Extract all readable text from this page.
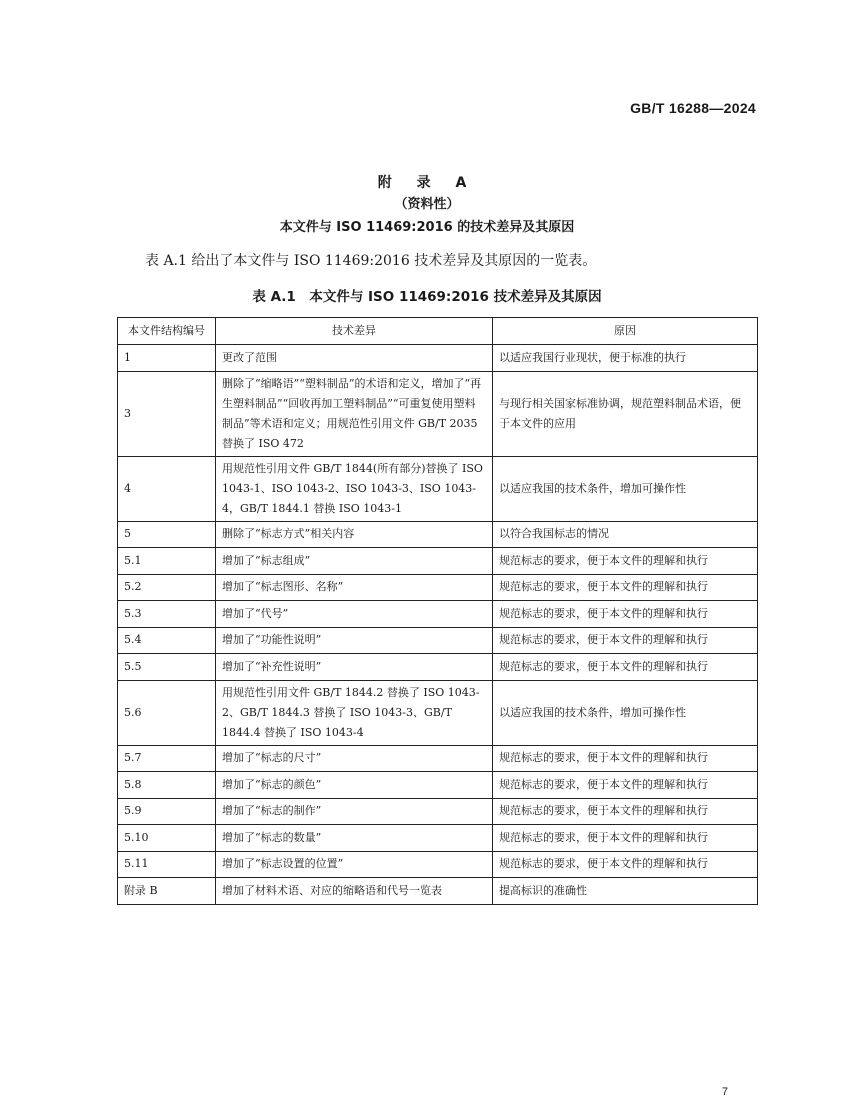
GB/T 16288—2024
附 录 A
（资料性）
本文件与 ISO 11469:2016 的技术差异及其原因
表 A.1 给出了本文件与 ISO 11469:2016 技术差异及其原因的一览表。
表 A.1　本文件与 ISO 11469:2016 技术差异及其原因
本文件结构编号	技术差异	原因
1	更改了范围	以适应我国行业现状，便于标准的执行
3	删除了“缩略语”“塑料制品”的术语和定义，增加了“再生塑料制品”“回收再加工塑料制品”“可重复使用塑料制品”等术语和定义；用规范性引用文件 GB/T 2035 替换了 ISO 472	与现行相关国家标准协调，规范塑料制品术语，便于本文件的应用
4	用规范性引用文件 GB/T 1844(所有部分)替换了 ISO 1043-1、ISO 1043-2、ISO 1043-3、ISO 1043-4，GB/T 1844.1 替换 ISO 1043-1	以适应我国的技术条件，增加可操作性
5	删除了“标志方式”相关内容	以符合我国标志的情况
5.1	增加了“标志组成”	规范标志的要求，便于本文件的理解和执行
5.2	增加了“标志图形、名称”	规范标志的要求，便于本文件的理解和执行
5.3	增加了“代号”	规范标志的要求，便于本文件的理解和执行
5.4	增加了“功能性说明”	规范标志的要求，便于本文件的理解和执行
5.5	增加了“补充性说明”	规范标志的要求，便于本文件的理解和执行
5.6	用规范性引用文件 GB/T 1844.2 替换了 ISO 1043-2、GB/T 1844.3 替换了 ISO 1043-3、GB/T 1844.4 替换了 ISO 1043-4	以适应我国的技术条件，增加可操作性
5.7	增加了“标志的尺寸”	规范标志的要求，便于本文件的理解和执行
5.8	增加了“标志的颜色”	规范标志的要求，便于本文件的理解和执行
5.9	增加了“标志的制作”	规范标志的要求，便于本文件的理解和执行
5.10	增加了“标志的数量”	规范标志的要求，便于本文件的理解和执行
5.11	增加了“标志设置的位置”	规范标志的要求，便于本文件的理解和执行
附录 B	增加了材料术语、对应的缩略语和代号一览表	提高标识的准确性
7
